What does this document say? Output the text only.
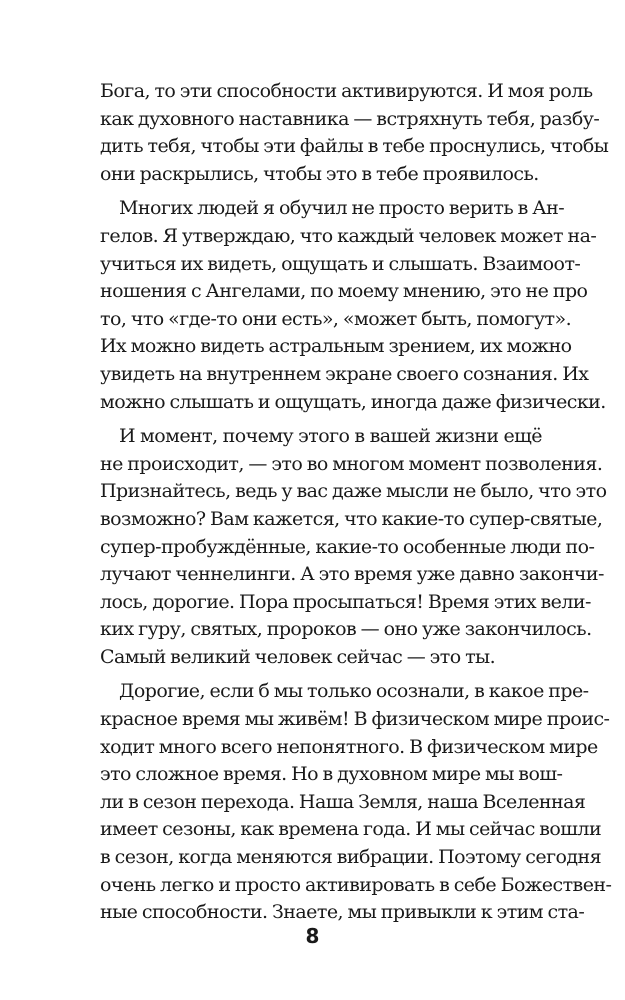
Бога, то эти способности активируются. И моя роль
как духовного наставника — встряхнуть тебя, разбу-
дить тебя, чтобы эти файлы в тебе проснулись, чтобы
они раскрылись, чтобы это в тебе проявилось.
Многих людей я обучил не просто верить в Ан-
гелов. Я утверждаю, что каждый человек может на-
учиться их видеть, ощущать и слышать. Взаимоот-
ношения с Ангелами, по моему мнению, это не про
то, что «где-то они есть», «может быть, помогут».
Их можно видеть астральным зрением, их можно
увидеть на внутреннем экране своего сознания. Их
можно слышать и ощущать, иногда даже физически.
И момент, почему этого в вашей жизни ещё
не происходит, — это во многом момент позволения.
Признайтесь, ведь у вас даже мысли не было, что это
возможно? Вам кажется, что какие-то супер-святые,
супер-пробуждённые, какие-то особенные люди по-
лучают ченнелинги. А это время уже давно закончи-
лось, дорогие. Пора просыпаться! Время этих вели-
ких гуру, святых, пророков — оно уже закончилось.
Самый великий человек сейчас — это ты.
Дорогие, если б мы только осознали, в какое пре-
красное время мы живём! В физическом мире проис-
ходит много всего непонятного. В физическом мире
это сложное время. Но в духовном мире мы вош-
ли в сезон перехода. Наша Земля, наша Вселенная
имеет сезоны, как времена года. И мы сейчас вошли
в сезон, когда меняются вибрации. Поэтому сегодня
очень легко и просто активировать в себе Божествен-
ные способности. Знаете, мы привыкли к этим ста-
8
